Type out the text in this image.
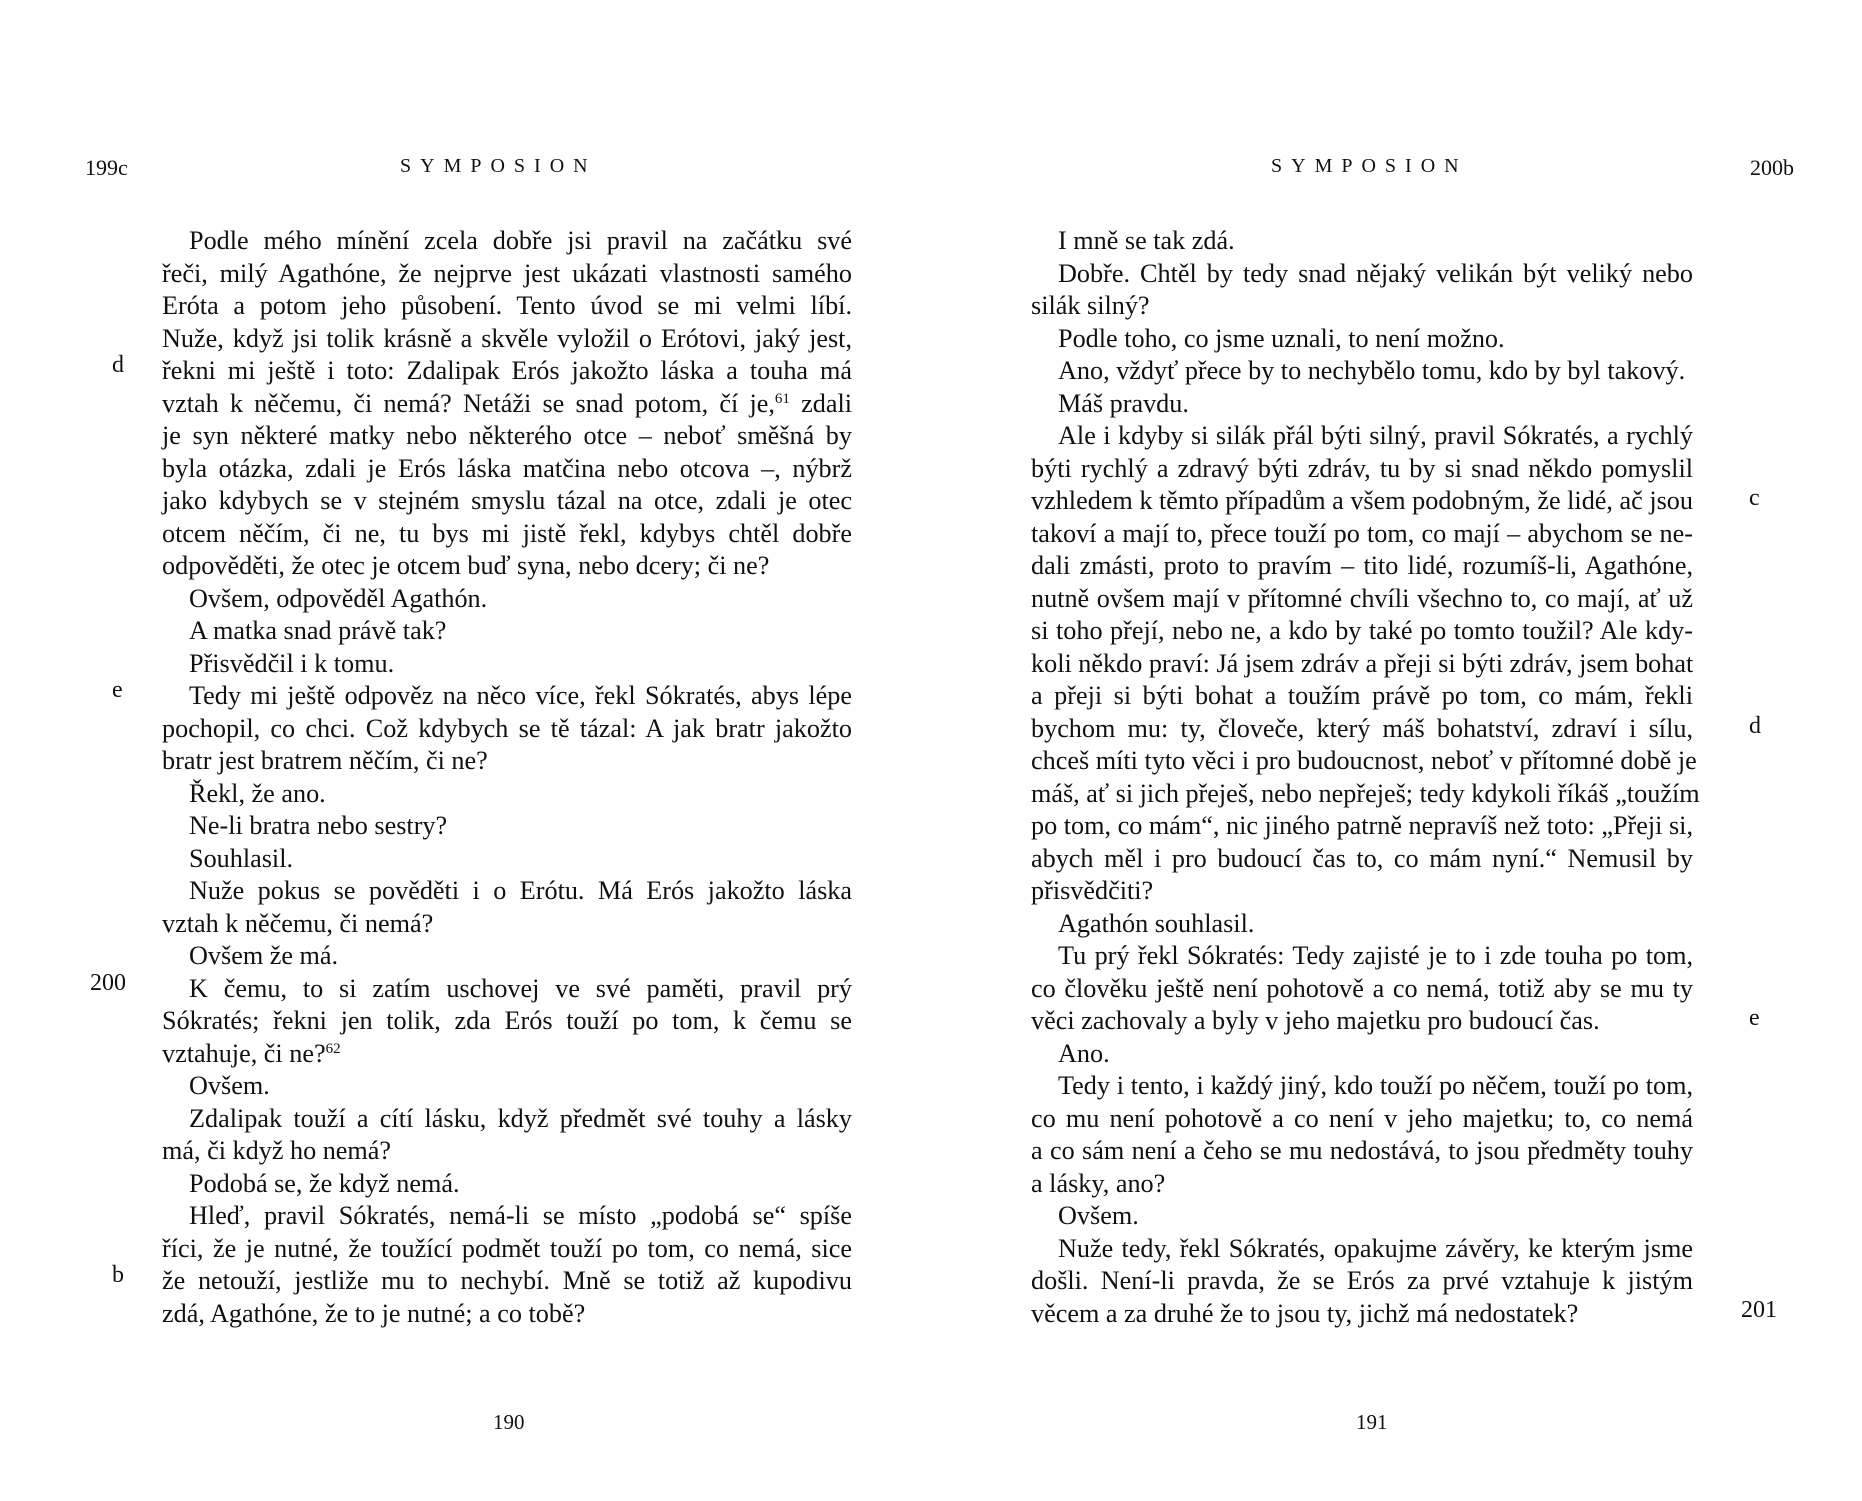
199c	SYMPOSION
Podle mého mínění zcela dobře jsi pravil na začátku své
řeči, milý Agathóne, že nejprve jest ukázati vlastnosti samého
Eróta a potom jeho působení. Tento úvod se mi velmi líbí.
Nuže, když jsi tolik krásně a skvěle vyložil o Erótovi, jaký jest,
řekni mi ještě i toto: Zdalipak Erós jakožto láska a touha má
vztah k něčemu, či nemá? Netáži se snad potom, čí je,$^{61}$ zdali
je syn některé matky nebo některého otce – neboť směšná by
byla otázka, zdali je Erós láska matčina nebo otcova –, nýbrž
jako kdybych se v stejném smyslu tázal na otce, zdali je otec
otcem něčím, či ne, tu bys mi jistě řekl, kdybys chtěl dobře
odpověděti, že otec je otcem buď syna, nebo dcery; či ne?
Ovšem, odpověděl Agathón.
A matka snad právě tak?
Přisvědčil i k tomu.
Tedy mi ještě odpověz na něco více, řekl Sókratés, abys lépe
pochopil, co chci. Což kdybych se tě tázal: A jak bratr jakožto
bratr jest bratrem něčím, či ne?
Řekl, že ano.
Ne-li bratra nebo sestry?
Souhlasil.
Nuže pokus se pověděti i o Erótu. Má Erós jakožto láska
vztah k něčemu, či nemá?
Ovšem že má.
K čemu, to si zatím uschovej ve své paměti, pravil prý
Sókratés; řekni jen tolik, zda Erós touží po tom, k čemu se
vztahuje, či ne?$^{62}$
Ovšem.
Zdalipak touží a cítí lásku, když předmět své touhy a lásky
má, či když ho nemá?
Podobá se, že když nemá.
Hleď, pravil Sókratés, nemá-li se místo „podobá se“ spíše
říci, že je nutné, že toužící podmět touží po tom, co nemá, sice
že netouží, jestliže mu to nechybí. Mně se totiž až kupodivu
zdá, Agathóne, že to je nutné; a co tobě?
d
e
200
b
190
SYMPOSION	200b
I mně se tak zdá.
Dobře. Chtěl by tedy snad nějaký velikán být veliký nebo
silák silný?
Podle toho, co jsme uznali, to není možno.
Ano, vždyť přece by to nechybělo tomu, kdo by byl takový.
Máš pravdu.
Ale i kdyby si silák přál býti silný, pravil Sókratés, a rychlý
býti rychlý a zdravý býti zdráv, tu by si snad někdo pomyslil
vzhledem k těmto případům a všem podobným, že lidé, ač jsou
takoví a mají to, přece touží po tom, co mají – abychom se ne-
dali zmásti, proto to pravím – tito lidé, rozumíš-li, Agathóne,
nutně ovšem mají v přítomné chvíli všechno to, co mají, ať už
si toho přejí, nebo ne, a kdo by také po tomto toužil? Ale kdy-
koli někdo praví: Já jsem zdráv a přeji si býti zdráv, jsem bohat
a přeji si býti bohat a toužím právě po tom, co mám, řekli
bychom mu: ty, človeče, který máš bohatství, zdraví i sílu,
chceš míti tyto věci i pro budoucnost, neboť v přítomné době je
máš, ať si jich přeješ, nebo nepřeješ; tedy kdykoli říkáš „toužím
po tom, co mám“, nic jiného patrně nepravíš než toto: „Přeji si,
abych měl i pro budoucí čas to, co mám nyní.“ Nemusil by
přisvědčiti?
Agathón souhlasil.
Tu prý řekl Sókratés: Tedy zajisté je to i zde touha po tom,
co člověku ještě není pohotově a co nemá, totiž aby se mu ty
věci zachovaly a byly v jeho majetku pro budoucí čas.
Ano.
Tedy i tento, i každý jiný, kdo touží po něčem, touží po tom,
co mu není pohotově a co není v jeho majetku; to, co nemá
a co sám není a čeho se mu nedostává, to jsou předměty touhy
a lásky, ano?
Ovšem.
Nuže tedy, řekl Sókratés, opakujme závěry, ke kterým jsme
došli. Není-li pravda, že se Erós za prvé vztahuje k jistým
věcem a za druhé že to jsou ty, jichž má nedostatek?
c
d
e
201
191
